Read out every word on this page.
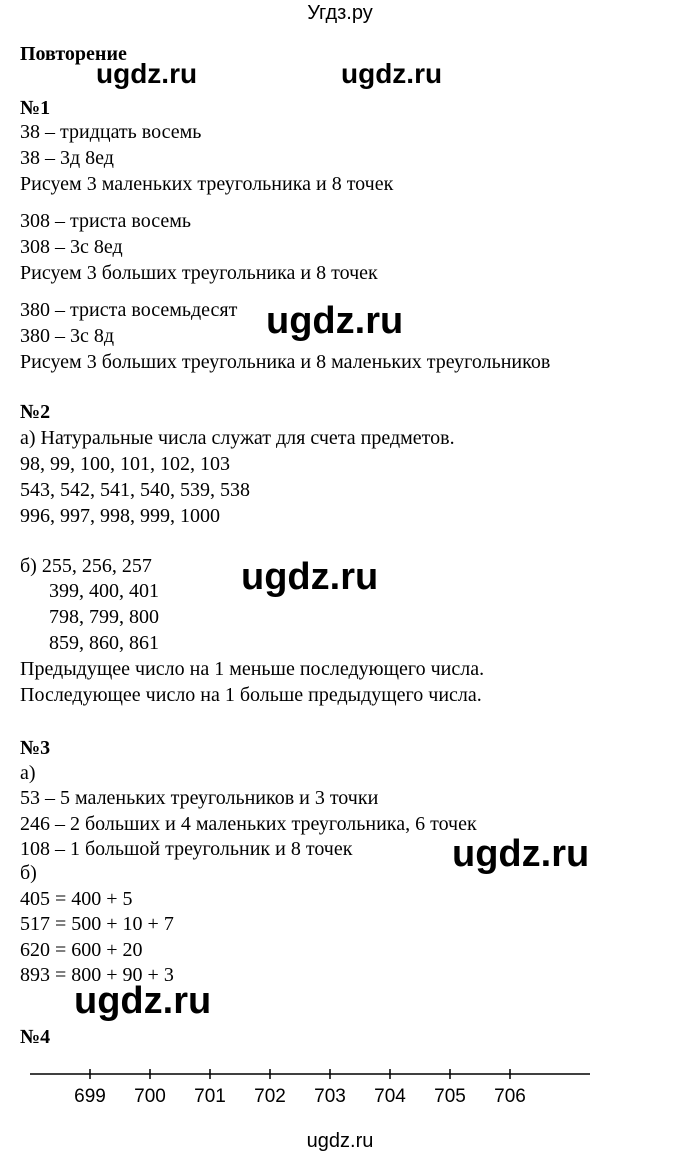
Угдз.ру
Повторение
№1
38 – тридцать восемь
38 – 3д 8ед
Рисуем 3 маленьких треугольника и 8 точек
308 – триста восемь
308 – 3с 8ед
Рисуем 3 больших треугольника и 8 точек
380 – триста восемьдесят
380 – 3с 8д
Рисуем 3 больших треугольника и 8 маленьких треугольников
№2
а) Натуральные числа служат для счета предметов.
98, 99, 100, 101, 102, 103
543, 542, 541, 540, 539, 538
996, 997, 998, 999, 1000
б) 255, 256, 257
399, 400, 401
798, 799, 800
859, 860, 861
Предыдущее число на 1 меньше последующего числа.
Последующее число на 1 больше предыдущего числа.
№3
а)
53 – 5 маленьких треугольников и 3 точки
246 – 2 больших и 4 маленьких треугольника, 6 точек
108 – 1 большой треугольник и 8 точек
б)
405 = 400 + 5
517 = 500 + 10 + 7
620 = 600 + 20
893 = 800 + 90 + 3
№4
699 700 701 702 703 704 705 706
ugdz.ru	ugdz.ru
ugdz.ru
ugdz.ru
ugdz.ru
ugdz.ru
ugdz.ru
